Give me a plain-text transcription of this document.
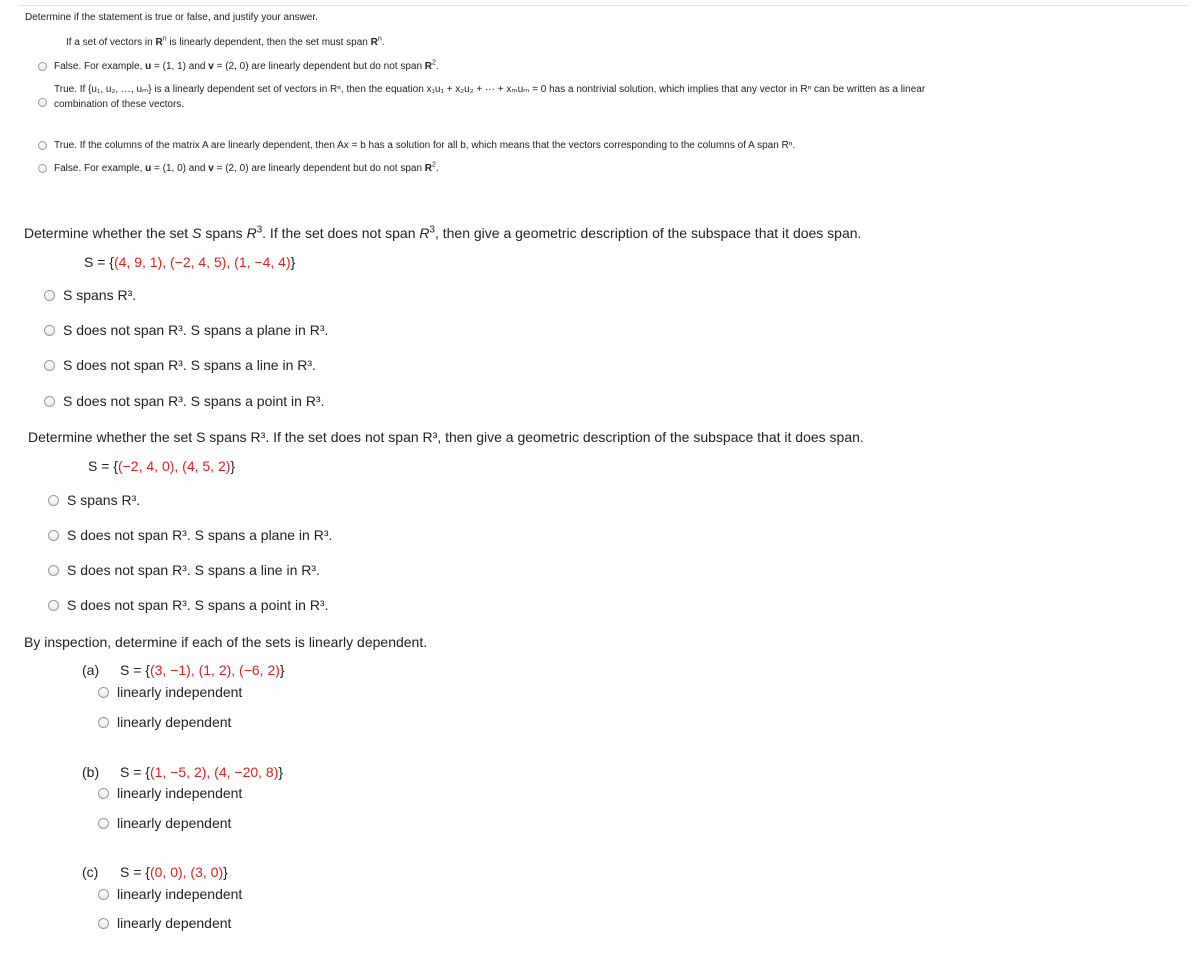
Determine if the statement is true or false, and justify your answer.
If a set of vectors in $R^n$ is linearly dependent, then the set must span $R^n$.
False. For example, u = (1, 1) and v = (2, 0) are linearly dependent but do not span $R^2$.
True. If {u₁, u₂, …, uₘ} is a linearly dependent set of vectors in Rⁿ, then the equation x₁u₁ + x₂u₂ + ··· + xₘuₘ = 0 has a nontrivial solution, which implies that any vector in Rⁿ can be written as a linear
combination of these vectors.
True. If the columns of the matrix A are linearly dependent, then Ax = b has a solution for all b, which means that the vectors corresponding to the columns of A span Rⁿ.
False. For example, u = (1, 0) and v = (2, 0) are linearly dependent but do not span $R^2$.
Determine whether the set S spans $R^3$. If the set does not span $R^3$, then give a geometric description of the subspace that it does span.
S = {(4, 9, 1), (−2, 4, 5), (1, −4, 4)}
S spans R³.
S does not span R³. S spans a plane in R³.
S does not span R³. S spans a line in R³.
S does not span R³. S spans a point in R³.
Determine whether the set S spans R³. If the set does not span R³, then give a geometric description of the subspace that it does span.
S = {(−2, 4, 0), (4, 5, 2)}
S spans R³.
S does not span R³. S spans a plane in R³.
S does not span R³. S spans a line in R³.
S does not span R³. S spans a point in R³.
By inspection, determine if each of the sets is linearly dependent.
(a) S = {(3, −1), (1, 2), (−6, 2)}
linearly independent
linearly dependent
(b) S = {(1, −5, 2), (4, −20, 8)}
linearly independent
linearly dependent
(c) S = {(0, 0), (3, 0)}
linearly independent
linearly dependent
